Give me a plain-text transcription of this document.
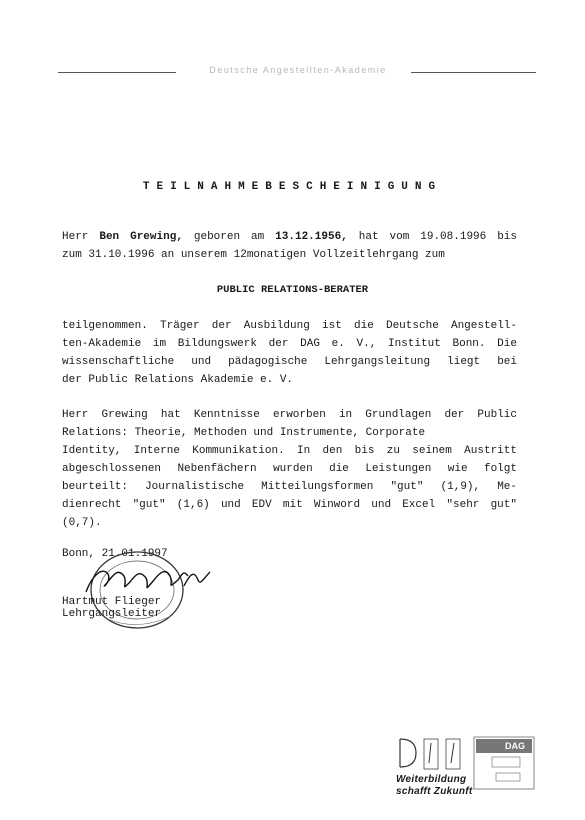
Deutsche Angestellten-Akademie
TEILNAHMEBESCHEINIGUNG
Herr Ben Grewing, geboren am 13.12.1956, hat vom 19.08.1996 bis
zum 31.10.1996 an unserem 12monatigen Vollzeitlehrgang zum
PUBLIC RELATIONS-BERATER
teilgenommen. Träger der Ausbildung ist die Deutsche Angestell-
ten-Akademie im Bildungswerk der DAG e. V., Institut Bonn. Die
wissenschaftliche und pädagogische Lehrgangsleitung liegt bei
der Public Relations Akademie e. V.
Herr Grewing hat Kenntnisse erworben in Grundlagen der Public
Relations: Theorie, Methoden und Instrumente, Corporate
Identity, Interne Kommunikation. In den bis zu seinem Austritt
abgeschlossenen Nebenfächern wurden die Leistungen wie folgt
beurteilt: Journalistische Mitteilungsformen "gut" (1,9), Me-
dienrecht "gut" (1,6) und EDV mit Winword und Excel "sehr gut"
(0,7).
Bonn, 21.01.1997
Hartmut Flieger
Lehrgangsleiter
DAG
Weiterbildung
schafft Zukunft
